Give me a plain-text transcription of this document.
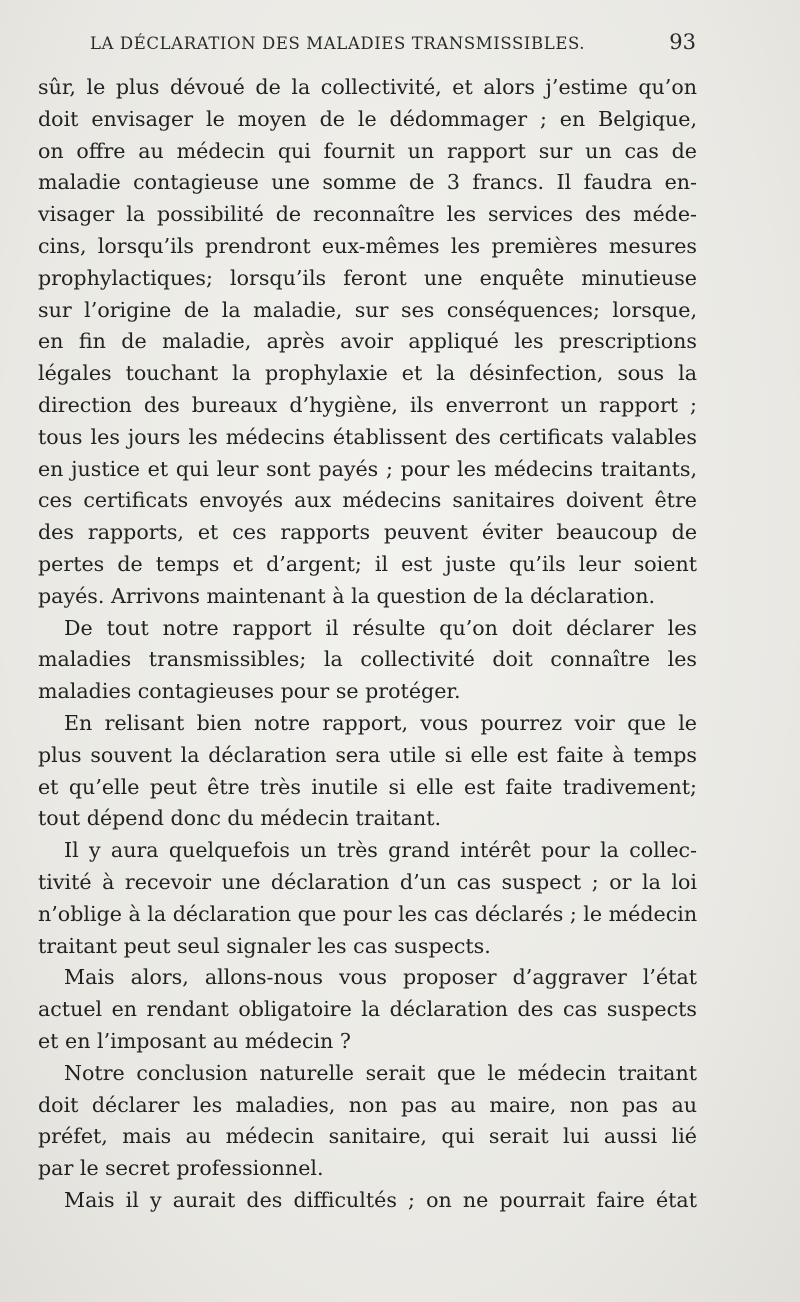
LA DÉCLARATION DES MALADIES TRANSMISSIBLES.	93
sûr, le plus dévoué de la collectivité, et alors j’estime qu’on
doit envisager le moyen de le dédommager ; en Belgique,
on offre au médecin qui fournit un rapport sur un cas de
maladie contagieuse une somme de 3 francs. Il faudra en-
visager la possibilité de reconnaître les services des méde-
cins, lorsqu’ils prendront eux-mêmes les premières mesures
prophylactiques; lorsqu’ils feront une enquête minutieuse
sur l’origine de la maladie, sur ses conséquences; lorsque,
en fin de maladie, après avoir appliqué les prescriptions
légales touchant la prophylaxie et la désinfection, sous la
direction des bureaux d’hygiène, ils enverront un rapport ;
tous les jours les médecins établissent des certificats valables
en justice et qui leur sont payés ; pour les médecins traitants,
ces certificats envoyés aux médecins sanitaires doivent être
des rapports, et ces rapports peuvent éviter beaucoup de
pertes de temps et d’argent; il est juste qu’ils leur soient
payés. Arrivons maintenant à la question de la déclaration.
De tout notre rapport il résulte qu’on doit déclarer les
maladies transmissibles; la collectivité doit connaître les
maladies contagieuses pour se protéger.
En relisant bien notre rapport, vous pourrez voir que le
plus souvent la déclaration sera utile si elle est faite à temps
et qu’elle peut être très inutile si elle est faite tradivement;
tout dépend donc du médecin traitant.
Il y aura quelquefois un très grand intérêt pour la collec-
tivité à recevoir une déclaration d’un cas suspect ; or la loi
n’oblige à la déclaration que pour les cas déclarés ; le médecin
traitant peut seul signaler les cas suspects.
Mais alors, allons-nous vous proposer d’aggraver l’état
actuel en rendant obligatoire la déclaration des cas suspects
et en l’imposant au médecin ?
Notre conclusion naturelle serait que le médecin traitant
doit déclarer les maladies, non pas au maire, non pas au
préfet, mais au médecin sanitaire, qui serait lui aussi lié
par le secret professionnel.
Mais il y aurait des difficultés ; on ne pourrait faire état
